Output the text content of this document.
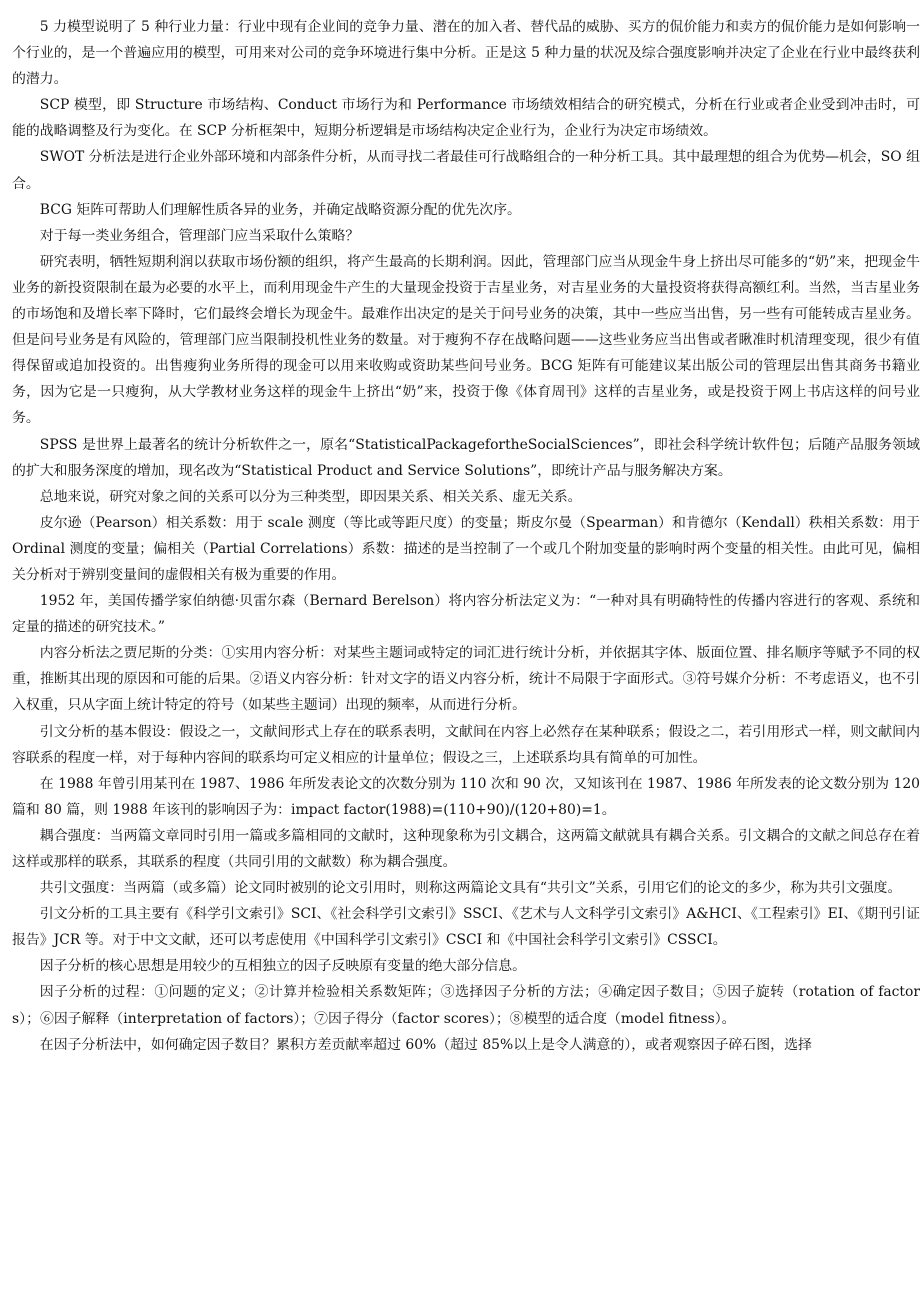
5 力模型说明了 5 种行业力量：行业中现有企业间的竞争力量、潜在的加入者、替代品的威胁、买方的侃价能力和卖方的侃价能力是如何影响一个行业的，是一个普遍应用的模型，可用来对公司的竞争环境进行集中分析。正是这 5 种力量的状况及综合强度影响并决定了企业在行业中最终获利的潜力。

SCP 模型，即 Structure 市场结构、Conduct 市场行为和 Performance 市场绩效相结合的研究模式，分析在行业或者企业受到冲击时，可能的战略调整及行为变化。在 SCP 分析框架中，短期分析逻辑是市场结构决定企业行为，企业行为决定市场绩效。

SWOT 分析法是进行企业外部环境和内部条件分析，从而寻找二者最佳可行战略组合的一种分析工具。其中最理想的组合为优势—机会，SO 组合。

BCG 矩阵可帮助人们理解性质各异的业务，并确定战略资源分配的优先次序。

对于每一类业务组合，管理部门应当采取什么策略？

研究表明，牺牲短期利润以获取市场份额的组织，将产生最高的长期利润。因此，管理部门应当从现金牛身上挤出尽可能多的“奶”来，把现金牛业务的新投资限制在最为必要的水平上，而利用现金牛产生的大量现金投资于吉星业务，对吉星业务的大量投资将获得高额红利。当然，当吉星业务的市场饱和及增长率下降时，它们最终会增长为现金牛。最难作出决定的是关于问号业务的决策，其中一些应当出售，另一些有可能转成吉星业务。但是问号业务是有风险的，管理部门应当限制投机性业务的数量。对于瘦狗不存在战略问题——这些业务应当出售或者瞅准时机清理变现，很少有值得保留或追加投资的。出售瘦狗业务所得的现金可以用来收购或资助某些问号业务。BCG 矩阵有可能建议某出版公司的管理层出售其商务书籍业务，因为它是一只瘦狗，从大学教材业务这样的现金牛上挤出“奶”来，投资于像《体育周刊》这样的吉星业务，或是投资于网上书店这样的问号业务。

SPSS 是世界上最著名的统计分析软件之一，原名“StatisticalPackagefortheSocialSciences”，即社会科学统计软件包；后随产品服务领域的扩大和服务深度的增加，现名改为“Statistical Product and Service Solutions”，即统计产品与服务解决方案。

总地来说，研究对象之间的关系可以分为三种类型，即因果关系、相关关系、虚无关系。

皮尔逊（Pearson）相关系数：用于 scale 测度（等比或等距尺度）的变量；斯皮尔曼（Spearman）和肯德尔（Kendall）秩相关系数：用于 Ordinal 测度的变量；偏相关（Partial Correlations）系数：描述的是当控制了一个或几个附加变量的影响时两个变量的相关性。由此可见，偏相关分析对于辨别变量间的虚假相关有极为重要的作用。

1952 年，美国传播学家伯纳德·贝雷尔森（Bernard Berelson）将内容分析法定义为：“一种对具有明确特性的传播内容进行的客观、系统和定量的描述的研究技术。”

内容分析法之贾尼斯的分类：①实用内容分析：对某些主题词或特定的词汇进行统计分析，并依据其字体、版面位置、排名顺序等赋予不同的权重，推断其出现的原因和可能的后果。②语义内容分析：针对文字的语义内容分析，统计不局限于字面形式。③符号媒介分析：不考虑语义，也不引入权重，只从字面上统计特定的符号（如某些主题词）出现的频率，从而进行分析。

引文分析的基本假设：假设之一，文献间形式上存在的联系表明，文献间在内容上必然存在某种联系；假设之二，若引用形式一样，则文献间内容联系的程度一样，对于每种内容间的联系均可定义相应的计量单位；假设之三，上述联系均具有简单的可加性。

在 1988 年曾引用某刊在 1987、1986 年所发表论文的次数分别为 110 次和 90 次，又知该刊在 1987、1986 年所发表的论文数分别为 120 篇和 80 篇，则 1988 年该刊的影响因子为：impact factor(1988)=(110+90)/(120+80)=1。

耦合强度：当两篇文章同时引用一篇或多篇相同的文献时，这种现象称为引文耦合，这两篇文献就具有耦合关系。引文耦合的文献之间总存在着这样或那样的联系，其联系的程度（共同引用的文献数）称为耦合强度。

共引文强度：当两篇（或多篇）论文同时被别的论文引用时，则称这两篇论文具有“共引文”关系，引用它们的论文的多少，称为共引文强度。

引文分析的工具主要有《科学引文索引》SCI、《社会科学引文索引》SSCI、《艺术与人文科学引文索引》A&HCI、《工程索引》EI、《期刊引证报告》JCR 等。对于中文文献，还可以考虑使用《中国科学引文索引》CSCI 和《中国社会科学引文索引》CSSCI。

因子分析的核心思想是用较少的互相独立的因子反映原有变量的绝大部分信息。

因子分析的过程：①问题的定义；②计算并检验相关系数矩阵；③选择因子分析的方法；④确定因子数目；⑤因子旋转（rotation of factors）；⑥因子解释（interpretation of factors）；⑦因子得分（factor scores）；⑧模型的适合度（model fitness）。

在因子分析法中，如何确定因子数目？累积方差贡献率超过 60%（超过 85%以上是令人满意的），或者观察因子碎石图，选择
